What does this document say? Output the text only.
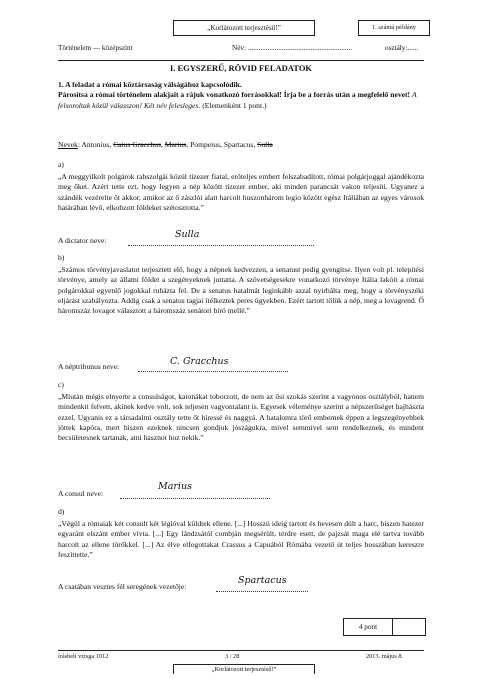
„Korlátozott terjesztésű!”	1. számú példány
Történelem — középszint	Név: ..........................................................	osztály:......
I. EGYSZERŰ, RÖVID FELADATOK

1. A feladat a római köztársaság válságához kapcsolódik.

Párosítsa a római történelem alakjait a rájuk vonatkozó forrásokkal! Írja be a forrás után a megfelelő nevet! A felsoroltak közül válasszon! Két név felesleges. (Elemenként 1 pont.)

Nevek: Antonius, Caius Gracchus, Marius, Pompeius, Spartacus, Sulla
a)
„A meggyilkolt polgárok rabszolgái közül tízezer fiatal, erőteljes embert felszabadított, római polgárjoggal ajándékozta meg őket. Azért tette ezt, hogy legyen a nép között tízezer ember, aki minden parancsát vakon teljesíti. Ugyanez a szándék vezérelte őt akkor, amikor az ő zászlói alatt harcolt huszonhárom legio között egész Itáliában az egyes városok határában lévő, elkobzott földeket szétosztotta.”
A dictator neve:
Sulla
b)
„Számos törvényjavaslatot terjesztett elő, hogy a népnek kedvezzen, a senatust pedig gyengítse. Ilyen volt pl. telepítési törvénye, amely az állami földet a szegényeknek juttatta. A szövetségesekre vonatkozó törvénye Itália lakóit a római polgárokkal egyenlő jogokkal ruházta fel. De a senatus hatalmát leginkább azzal nyirbálta meg, hogy a törvényszéki eljárást szabályozta. Addig csak a senatus tagjai ítélkeztek peres ügyekben. Ezért tartott tőlük a nép, meg a lovagrend. Ő háromszáz lovagot választott a háromszáz senátori bíró mellé.”
A néptribunus neve:	C. Gracchus
c)
„Miután mégis elnyerte a consulságot, katonákat toborzott, de nem az ősi szokás szerint a vagyonos osztályból, hanem mindenkit felvett, akinek kedve volt, sok teljesen vagyontalant is. Egyesek véleménye szerint a népszerűséget hajhászta ezzel. Ugyanis ez a társadalmi osztály tette őt híressé és naggyá. A hatalomra törő embernek éppen a legszegényebbek jöttek kapóra, mert hiszen ezeknek nincsen gondjuk jószágukra, mivel semmivel sem rendelkeznek, és mindent becsületesnek tartanak, ami hasznot hoz nekik.”
A consul neve:
Marius
d)
„Végül a rómaiak két consult két légióval küldtek ellene. [...] Hosszú ideig tartott és hevesen dúlt a harc, hiszen hatezer egyaránt elszánt ember vívta. [...] Egy lándzsától combján megsérült, térdre esett, de pajzsát maga elé tartva tovább harcolt az ellene törőkkel. [...] Az élve elfogottakat Crassus a Capuából Rómába vezető út teljes hosszában kereszre feszíttette.”
A csatában vesztes fél seregének vezetője:
Spartacus
4 pont
írásbeli vizsga 1012	3 / 28	2013. május 8.
„Korlátozott terjesztésű!”
